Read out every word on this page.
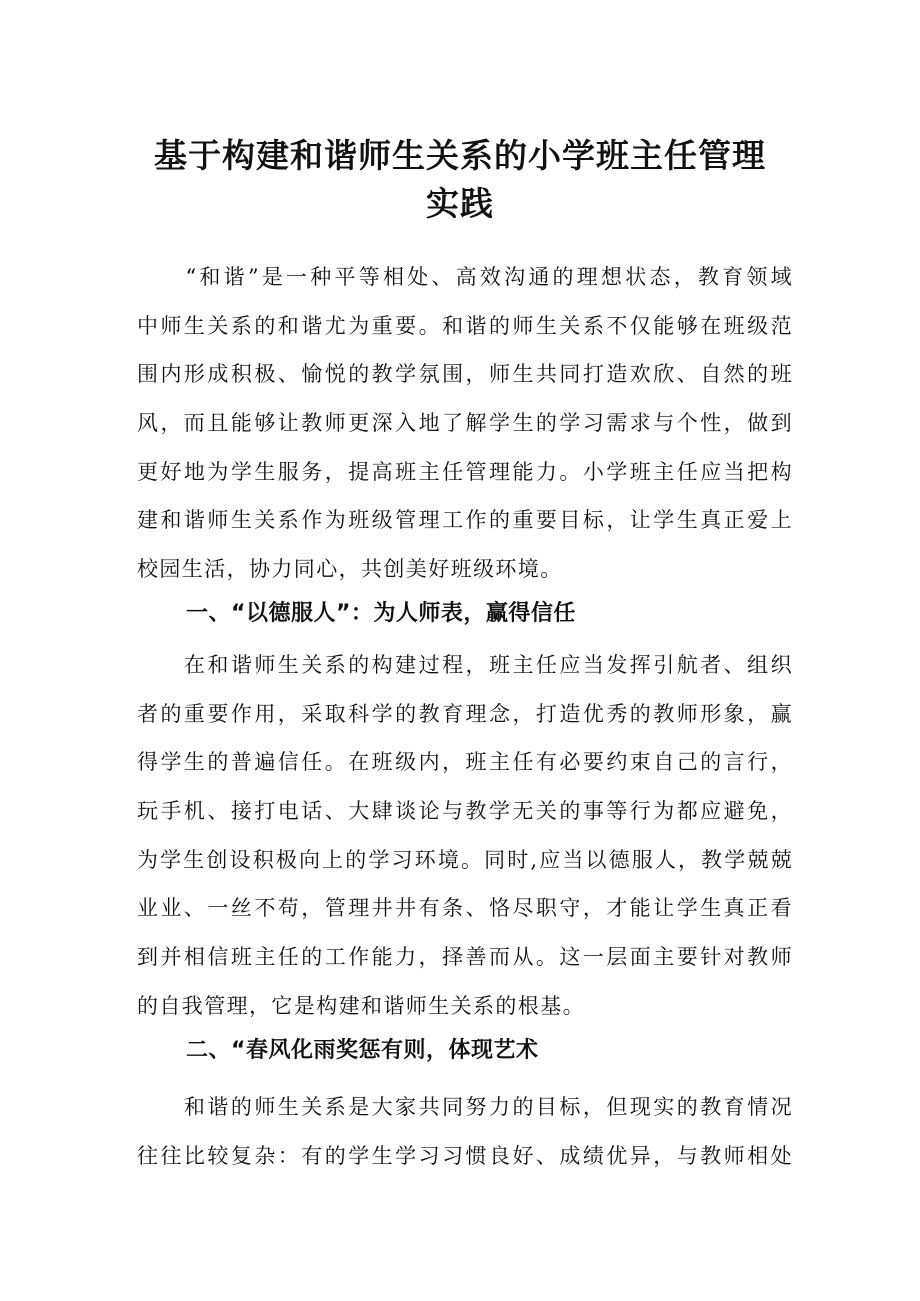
基于构建和谐师生关系的小学班主任管理
实践
　　“和谐”是一种平等相处、高效沟通的理想状态，教育领域
中师生关系的和谐尤为重要。和谐的师生关系不仅能够在班级范
围内形成积极、愉悦的教学氛围，师生共同打造欢欣、自然的班
风，而且能够让教师更深入地了解学生的学习需求与个性，做到
更好地为学生服务，提高班主任管理能力。小学班主任应当把构
建和谐师生关系作为班级管理工作的重要目标，让学生真正爱上
校园生活，协力同心，共创美好班级环境。
一、“以德服人”：为人师表，赢得信任
　　在和谐师生关系的构建过程，班主任应当发挥引航者、组织
者的重要作用，采取科学的教育理念，打造优秀的教师形象，赢
得学生的普遍信任。在班级内，班主任有必要约束自己的言行，
玩手机、接打电话、大肆谈论与教学无关的事等行为都应避免，
为学生创设积极向上的学习环境。同时,应当以德服人，教学兢兢
业业、一丝不苟，管理井井有条、恪尽职守，才能让学生真正看
到并相信班主任的工作能力，择善而从。这一层面主要针对教师
的自我管理，它是构建和谐师生关系的根基。
二、“春风化雨奖惩有则，体现艺术
　　和谐的师生关系是大家共同努力的目标，但现实的教育情况
往往比较复杂：有的学生学习习惯良好、成绩优异，与教师相处
